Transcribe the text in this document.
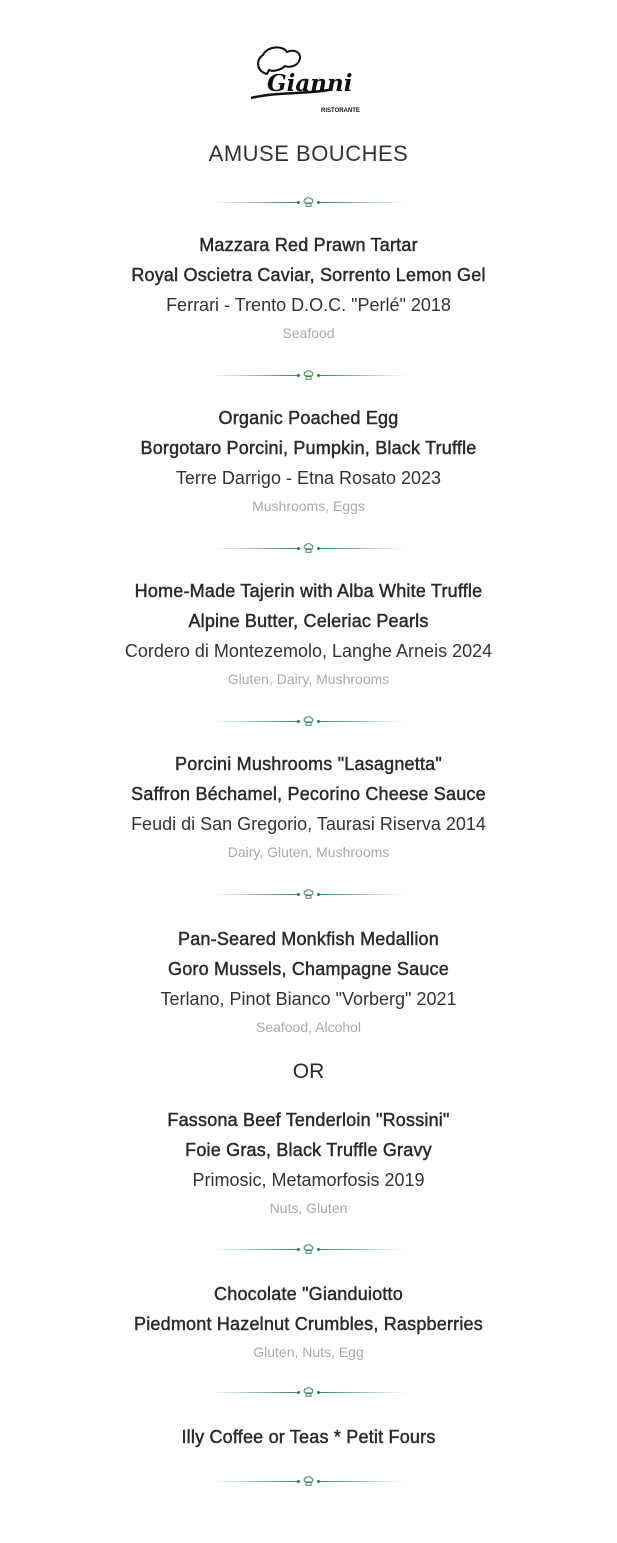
Gianni
RISTORANTE
AMUSE BOUCHES
Mazzara Red Prawn Tartar
Royal Oscietra Caviar, Sorrento Lemon Gel
Ferrari - Trento D.O.C. "Perlé" 2018
Seafood
Organic Poached Egg
Borgotaro Porcini, Pumpkin, Black Truffle
Terre Darrigo - Etna Rosato 2023
Mushrooms, Eggs
Home-Made Tajerin with Alba White Truffle
Alpine Butter, Celeriac Pearls
Cordero di Montezemolo, Langhe Arneis 2024
Gluten, Dairy, Mushrooms
Porcini Mushrooms "Lasagnetta"
Saffron Béchamel, Pecorino Cheese Sauce
Feudi di San Gregorio, Taurasi Riserva 2014
Dairy, Gluten, Mushrooms
Pan-Seared Monkfish Medallion
Goro Mussels, Champagne Sauce
Terlano, Pinot Bianco "Vorberg" 2021
Seafood, Alcohol
OR
Fassona Beef Tenderloin "Rossini"
Foie Gras, Black Truffle Gravy
Primosic, Metamorfosis 2019
Nuts, Gluten
Chocolate "Gianduiotto
Piedmont Hazelnut Crumbles, Raspberries
Gluten, Nuts, Egg
Illy Coffee or Teas * Petit Fours
